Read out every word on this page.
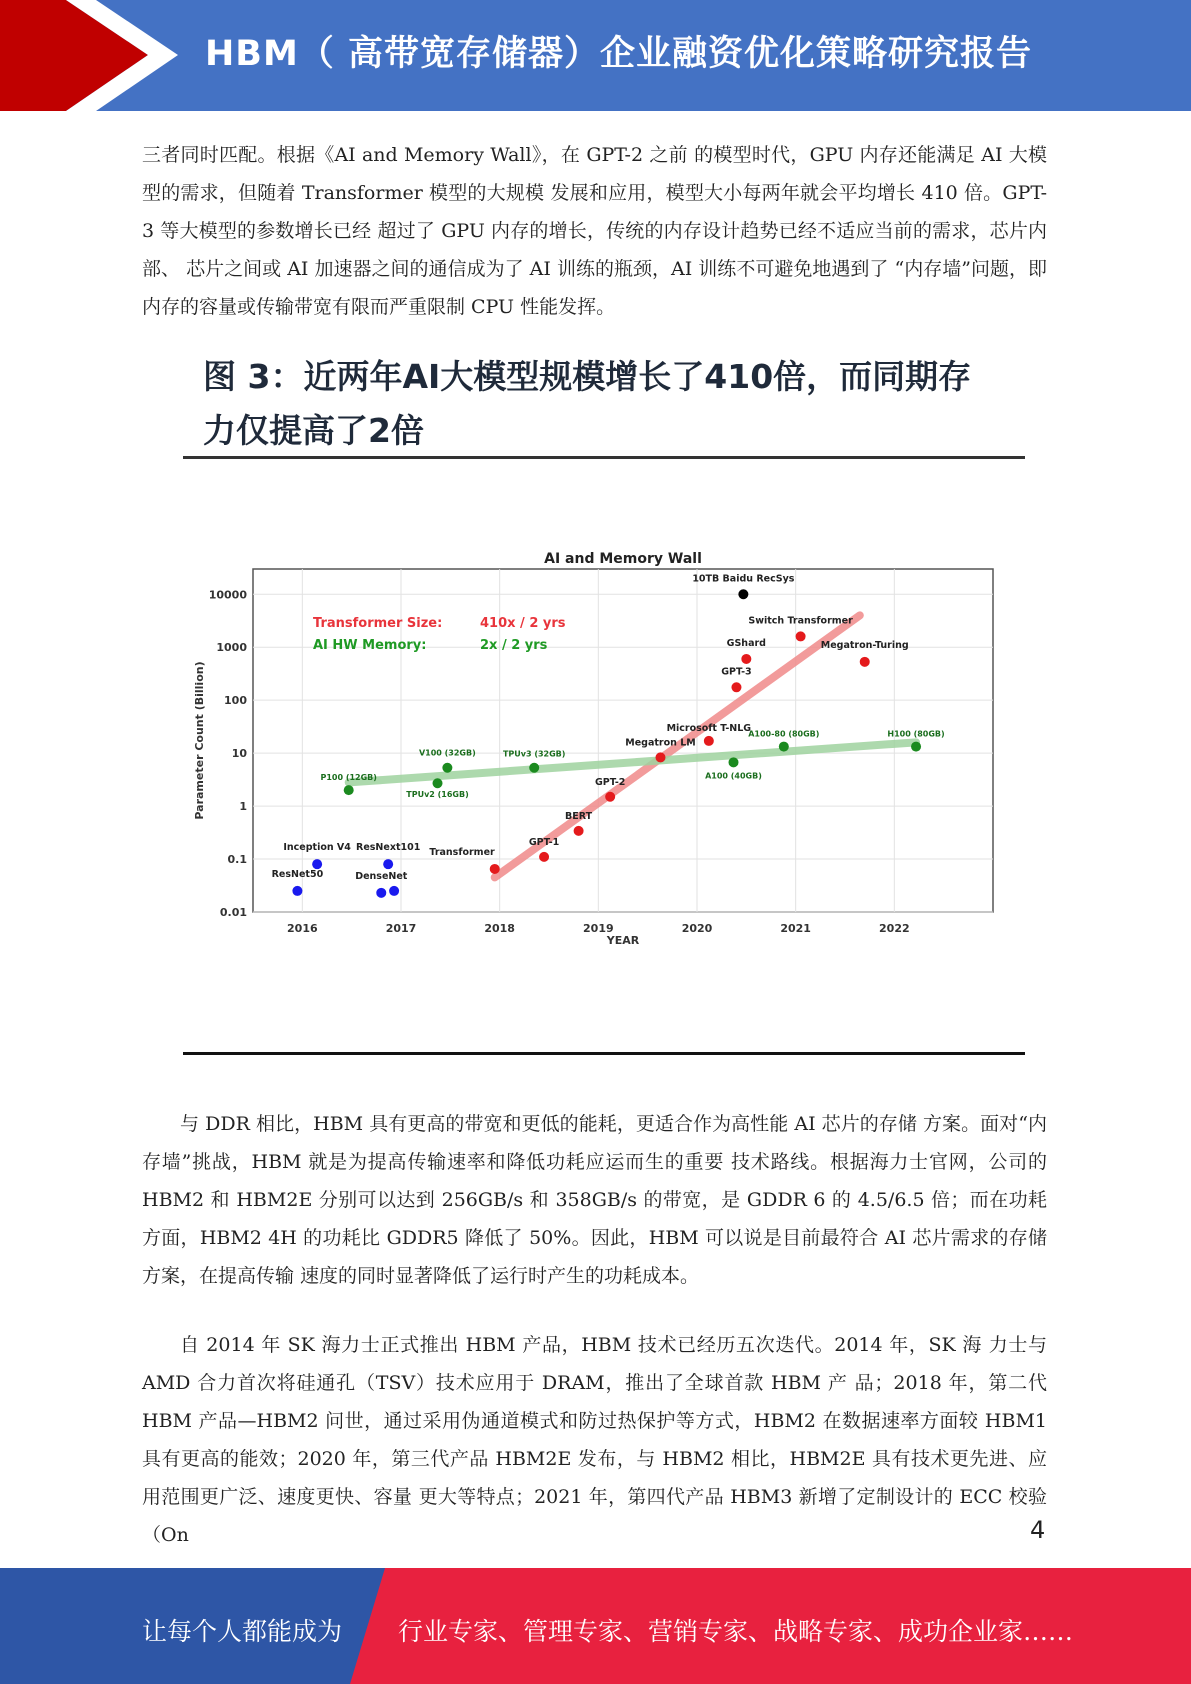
HBM（ 高带宽存储器）企业融资优化策略研究报告

三者同时匹配。根据《AI and Memory Wall》，在 GPT-2 之前 的模型时代，GPU 内存还能满足 AI 大模型的需求，但随着 Transformer 模型的大规模 发展和应用，模型大小每两年就会平均增长 410 倍。GPT-3 等大模型的参数增长已经 超过了 GPU 内存的增长，传统的内存设计趋势已经不适应当前的需求，芯片内部、 芯片之间或 AI 加速器之间的通信成为了 AI 训练的瓶颈，AI 训练不可避免地遇到了 “内存墙”问题，即内存的容量或传输带宽有限而严重限制 CPU 性能发挥。

图 3：近两年AI大模型规模增长了410倍，而同期存力仅提高了2倍

2016	2017	2018	2019	2020	2021	2022
0.01
0.1
1
10
100
1000
10000
AI and Memory Wall
YEAR
Parameter Count (Billion)
Transformer Size:	410x / 2 yrs
AI HW Memory:	2x / 2 yrs
Transformer
GPT-1
BERT
GPT-2
Megatron LM
Microsoft T-NLG
GPT-3
GShard
Switch Transformer
Megatron-Turing
P100 (12GB)
V100 (32GB)
TPUv2 (16GB)
TPUv3 (32GB)
A100 (40GB)
A100-80 (80GB)	H100 (80GB)
ResNet50
Inception V4
DenseNet
ResNext101
10TB Baidu RecSys

与 DDR 相比，HBM 具有更高的带宽和更低的能耗，更适合作为高性能 AI 芯片的存储 方案。面对“内存墙”挑战，HBM 就是为提高传输速率和降低功耗应运而生的重要 技术路线。根据海力士官网，公司的 HBM2 和 HBM2E 分别可以达到 256GB/s 和 358GB/s 的带宽，是 GDDR 6 的 4.5/6.5 倍；而在功耗方面，HBM2 4H 的功耗比 GDDR5 降低了 50%。因此，HBM 可以说是目前最符合 AI 芯片需求的存储方案，在提高传输 速度的同时显著降低了运行时产生的功耗成本。

自 2014 年 SK 海力士正式推出 HBM 产品，HBM 技术已经历五次迭代。2014 年，SK 海 力士与 AMD 合力首次将硅通孔（TSV）技术应用于 DRAM，推出了全球首款 HBM 产 品；2018 年，第二代 HBM 产品—HBM2 问世，通过采用伪通道模式和防过热保护等方式，HBM2 在数据速率方面较 HBM1 具有更高的能效；2020 年，第三代产品 HBM2E 发布，与 HBM2 相比，HBM2E 具有技术更先进、应用范围更广泛、速度更快、容量 更大等特点；2021 年，第四代产品 HBM3 新增了定制设计的 ECC 校验（On	4
让每个人都能成为 行业专家、管理专家、营销专家、战略专家、成功企业家……
